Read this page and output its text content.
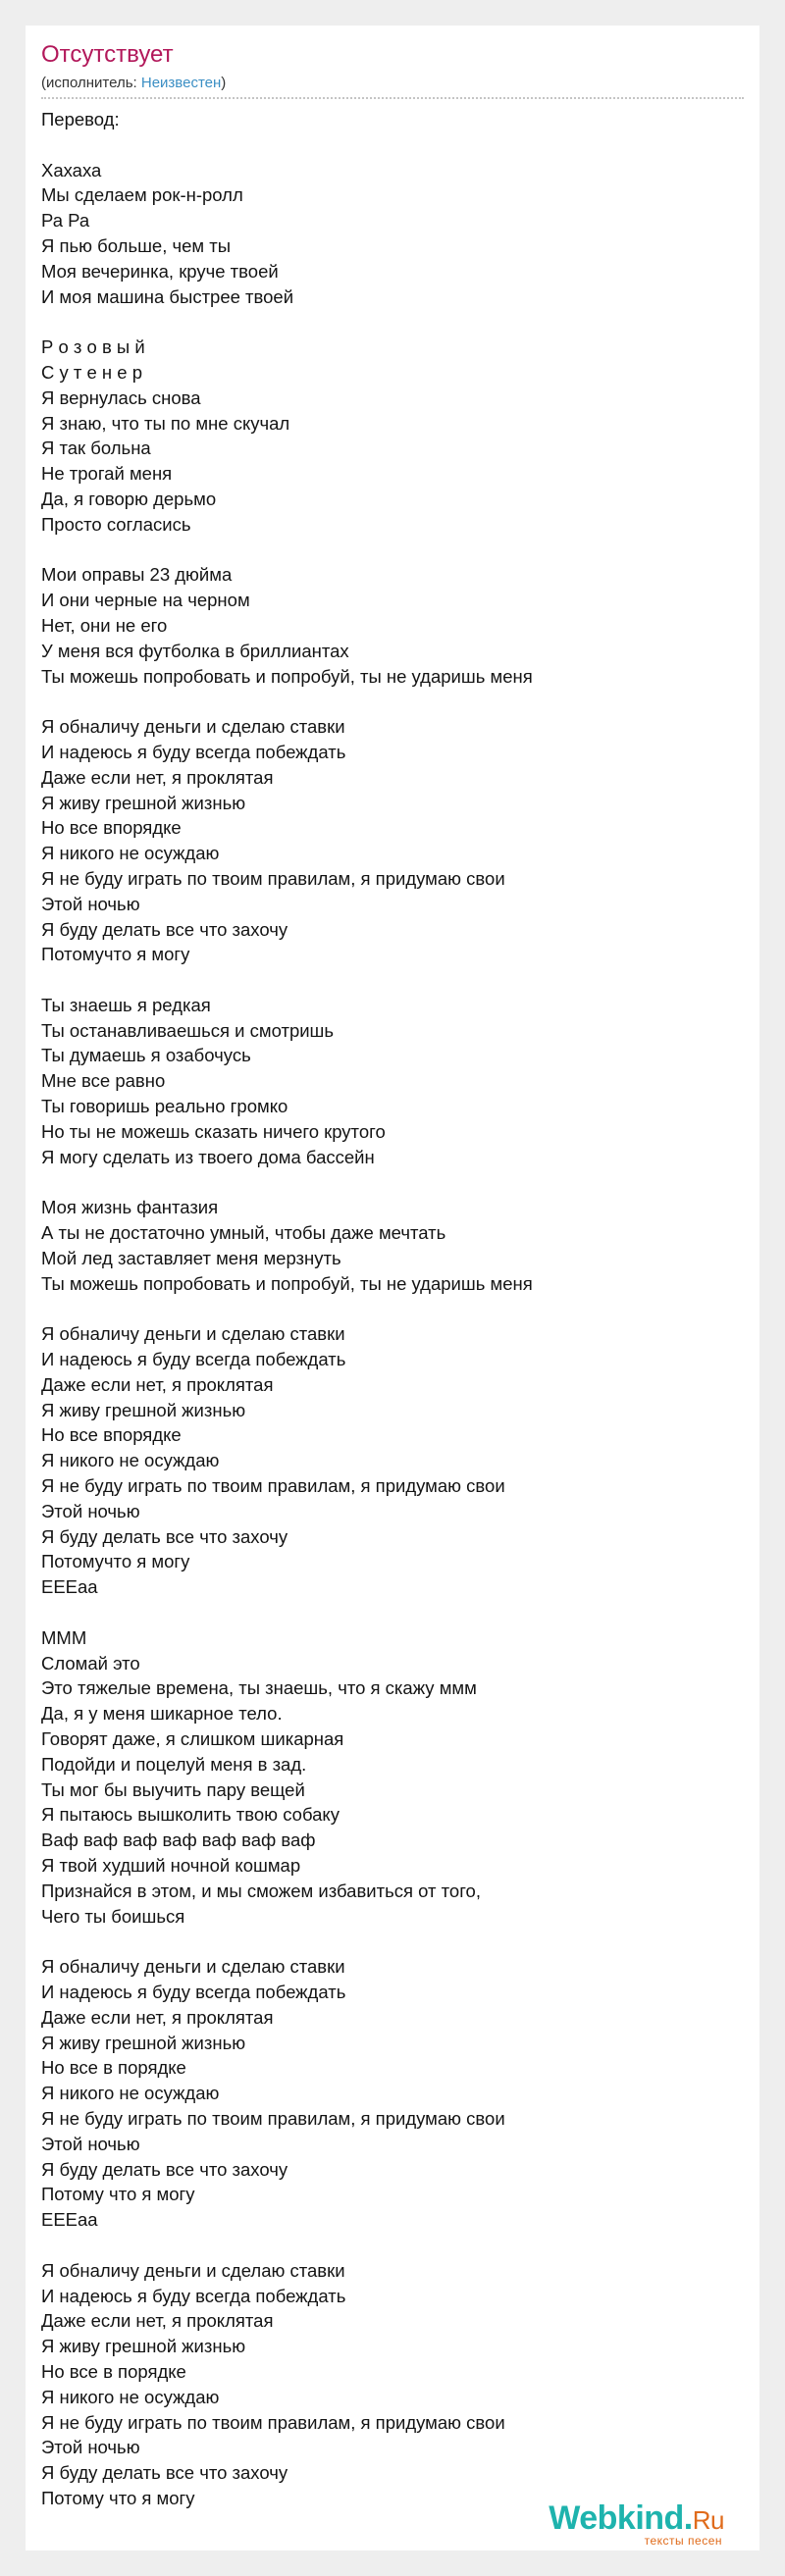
Отсутствует
(исполнитель: Неизвестен)
Перевод:
Хахаха
Мы сделаем рок-н-ролл
Ра Ра
Я пью больше, чем ты
Моя вечеринка, круче твоей
И моя машина быстрее твоей
Р о з о в ы й
С у т е н е р
Я вернулась снова
Я знаю, что ты по мне скучал
Я так больна
Не трогай меня
Да, я говорю дерьмо
Просто согласись
Мои оправы 23 дюйма
И они черные на черном
Нет, они не его
У меня вся футболка в бриллиантах
Ты можешь попробовать и попробуй, ты не ударишь меня
Я обналичу деньги и сделаю ставки
И надеюсь я буду всегда побеждать
Даже если нет, я проклятая
Я живу грешной жизнью
Но все впорядке
Я никого не осуждаю
Я не буду играть по твоим правилам, я придумаю свои
Этой ночью
Я буду делать все что захочу
Потомучто я могу
Ты знаешь я редкая
Ты останавливаешься и смотришь
Ты думаешь я озабочусь
Мне все равно
Ты говоришь реально громко
Но ты не можешь сказать ничего крутого
Я могу сделать из твоего дома бассейн
Моя жизнь фантазия
А ты не достаточно умный, чтобы даже мечтать
Мой лед заставляет меня мерзнуть
Ты можешь попробовать и попробуй, ты не ударишь меня
Я обналичу деньги и сделаю ставки
И надеюсь я буду всегда побеждать
Даже если нет, я проклятая
Я живу грешной жизнью
Но все впорядке
Я никого не осуждаю
Я не буду играть по твоим правилам, я придумаю свои
Этой ночью
Я буду делать все что захочу
Потомучто я могу
ЕЕЕаа
МММ
Сломай это
Это тяжелые времена, ты знаешь, что я скажу ммм
Да, я у меня шикарное тело.
Говорят даже, я слишком шикарная
Подойди и поцелуй меня в зад.
Ты мог бы выучить пару вещей
Я пытаюсь вышколить твою собаку
Ваф ваф ваф ваф ваф ваф ваф
Я твой худший ночной кошмар
Признайся в этом, и мы сможем избавиться от того,
Чего ты боишься
Я обналичу деньги и сделаю ставки
И надеюсь я буду всегда побеждать
Даже если нет, я проклятая
Я живу грешной жизнью
Но все в порядке
Я никого не осуждаю
Я не буду играть по твоим правилам, я придумаю свои
Этой ночью
Я буду делать все что захочу
Потому что я могу
ЕЕЕаа
Я обналичу деньги и сделаю ставки
И надеюсь я буду всегда побеждать
Даже если нет, я проклятая
Я живу грешной жизнью
Но все в порядке
Я никого не осуждаю
Я не буду играть по твоим правилам, я придумаю свои
Этой ночью
Я буду делать все что захочу
Потому что я могу
Webkind.Ru
тексты песен
